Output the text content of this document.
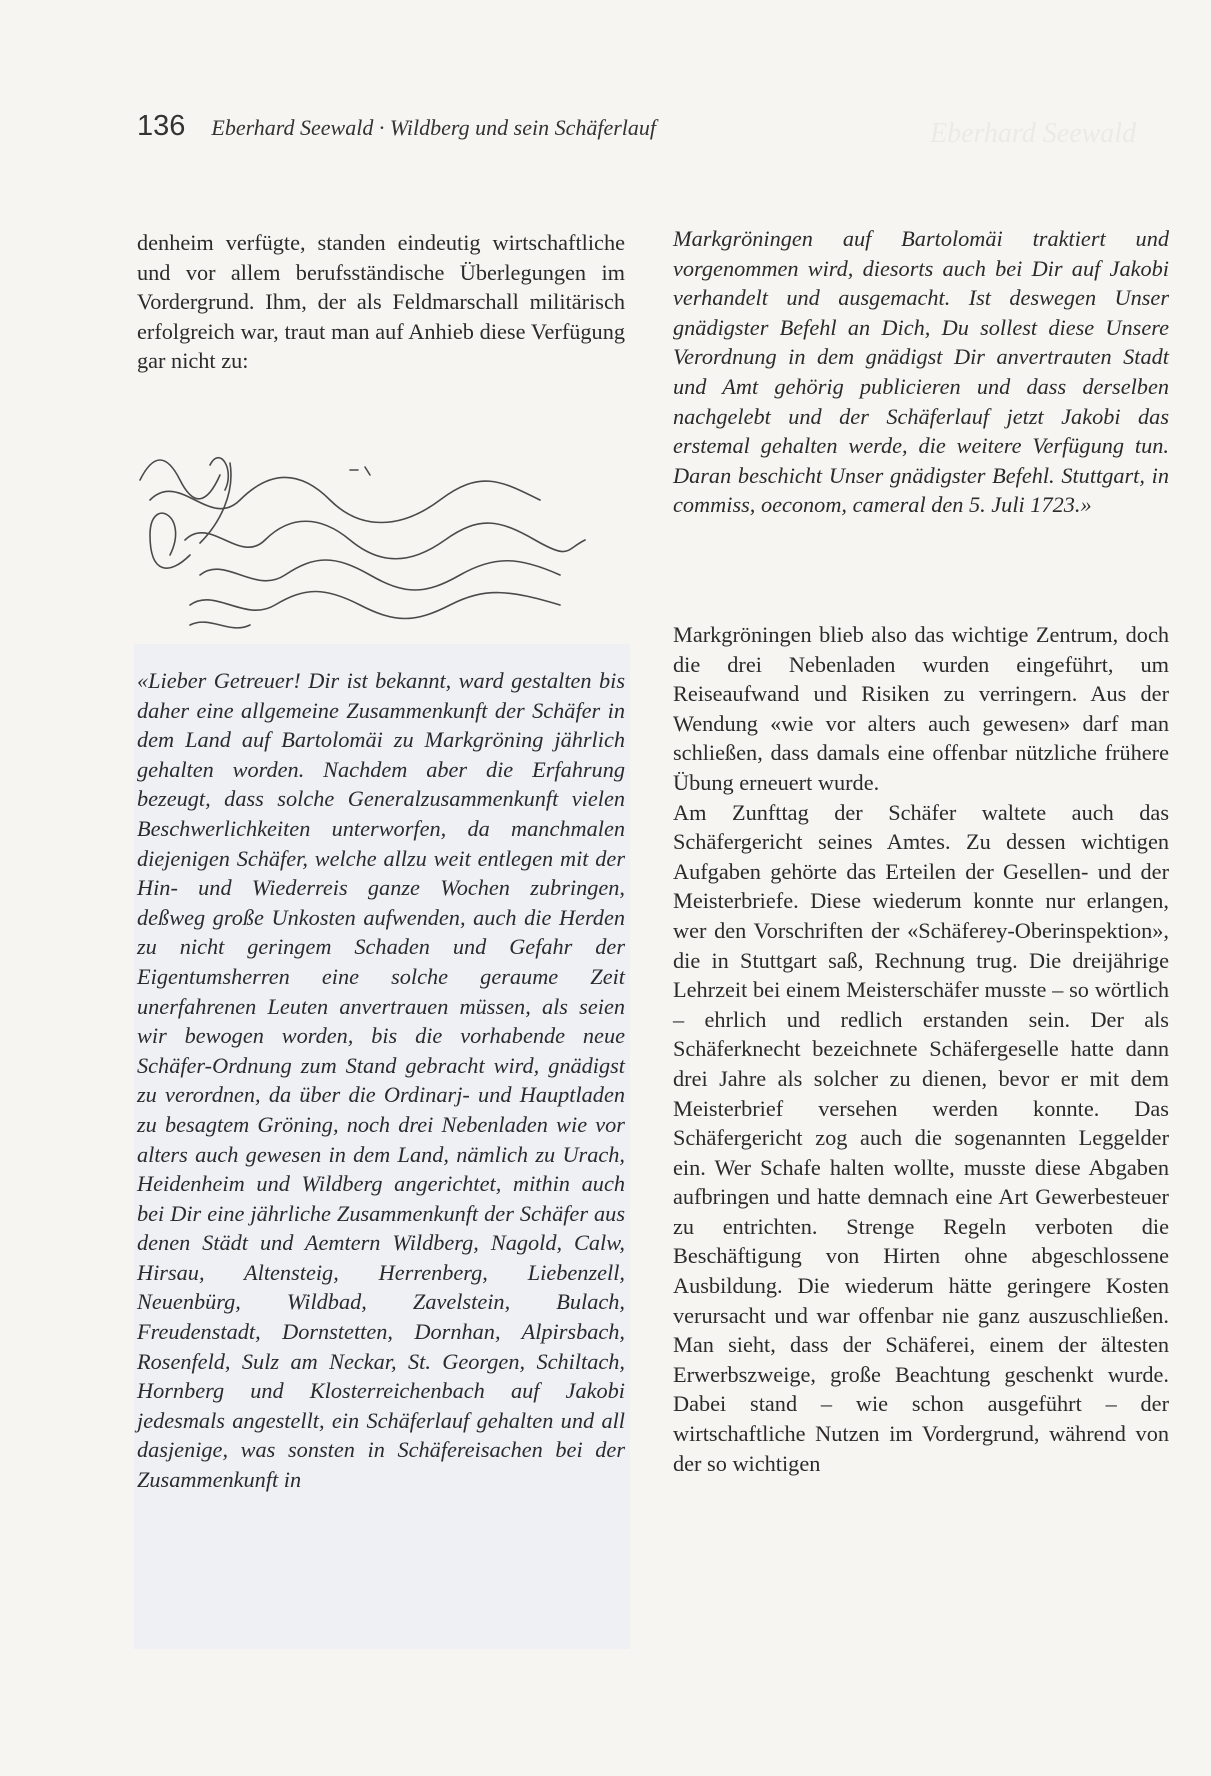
Eberhard Seewald
136 Eberhard Seewald · Wildberg und sein Schäferlauf

denheim verfügte, standen eindeutig wirtschaftliche und vor allem berufsständische Überlegungen im Vordergrund. Ihm, der als Feldmarschall militärisch erfolgreich war, traut man auf Anhieb diese Verfügung gar nicht zu:

«Lieber Getreuer! Dir ist bekannt, ward gestalten bis daher eine allgemeine Zusammenkunft der Schäfer in dem Land auf Bartolomäi zu Markgröning jährlich gehalten worden. Nachdem aber die Erfahrung bezeugt, dass solche Generalzusammenkunft vielen Beschwerlichkeiten unterworfen, da manchmalen diejenigen Schäfer, welche allzu weit entlegen mit der Hin- und Wiederreis ganze Wochen zubringen, deßweg große Unkosten aufwenden, auch die Herden zu nicht geringem Schaden und Gefahr der Eigentumsherren eine solche geraume Zeit unerfahrenen Leuten anvertrauen müssen, als seien wir bewogen worden, bis die vorhabende neue Schäfer-Ordnung zum Stand gebracht wird, gnädigst zu verordnen, da über die Ordinarj- und Hauptladen zu besagtem Gröning, noch drei Nebenladen wie vor alters auch gewesen in dem Land, nämlich zu Urach, Heidenheim und Wildberg angerichtet, mithin auch bei Dir eine jährliche Zusammenkunft der Schäfer aus denen Städt und Aemtern Wildberg, Nagold, Calw, Hirsau, Altensteig, Herrenberg, Liebenzell, Neuenbürg, Wildbad, Zavelstein, Bulach, Freudenstadt, Dornstetten, Dornhan, Alpirsbach, Rosenfeld, Sulz am Neckar, St. Georgen, Schiltach, Hornberg und Klosterreichenbach auf Jakobi jedesmals angestellt, ein Schäferlauf gehalten und all dasjenige, was sonsten in Schäfereisachen bei der Zusammenkunft in

Markgröningen auf Bartolomäi traktiert und vorgenommen wird, diesorts auch bei Dir auf Jakobi verhandelt und ausgemacht. Ist deswegen Unser gnädigster Befehl an Dich, Du sollest diese Unsere Verordnung in dem gnädigst Dir anvertrauten Stadt und Amt gehörig publicieren und dass derselben nachgelebt und der Schäferlauf jetzt Jakobi das erstemal gehalten werde, die weitere Verfügung tun. Daran beschicht Unser gnädigster Befehl. Stuttgart, in commiss, oeconom, cameral den 5. Juli 1723.»

Markgröningen blieb also das wichtige Zentrum, doch die drei Nebenladen wurden eingeführt, um Reiseaufwand und Risiken zu verringern. Aus der Wendung «wie vor alters auch gewesen» darf man schließen, dass damals eine offenbar nützliche frühere Übung erneuert wurde.

Am Zunfttag der Schäfer waltete auch das Schäfergericht seines Amtes. Zu dessen wichtigen Aufgaben gehörte das Erteilen der Gesellen- und der Meisterbriefe. Diese wiederum konnte nur erlangen, wer den Vorschriften der «Schäferey-Oberinspektion», die in Stuttgart saß, Rechnung trug. Die dreijährige Lehrzeit bei einem Meisterschäfer musste – so wörtlich – ehrlich und redlich erstanden sein. Der als Schäferknecht bezeichnete Schäfergeselle hatte dann drei Jahre als solcher zu dienen, bevor er mit dem Meisterbrief versehen werden konnte. Das Schäfergericht zog auch die sogenannten Leggelder ein. Wer Schafe halten wollte, musste diese Abgaben aufbringen und hatte demnach eine Art Gewerbesteuer zu entrichten. Strenge Regeln verboten die Beschäftigung von Hirten ohne abgeschlossene Ausbildung. Die wiederum hätte geringere Kosten verursacht und war offenbar nie ganz auszuschließen. Man sieht, dass der Schäferei, einem der ältesten Erwerbszweige, große Beachtung geschenkt wurde. Dabei stand – wie schon ausgeführt – der wirtschaftliche Nutzen im Vordergrund, während von der so wichtigen
